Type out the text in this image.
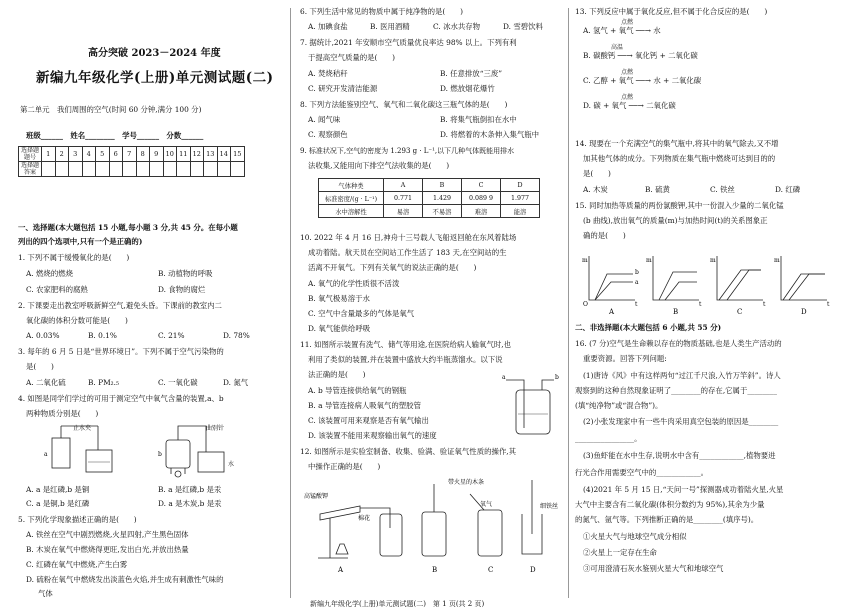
高分突破 2023－2024 年度
新编九年级化学(上册)单元测试题(二)
第二单元　我们周围的空气(时间 60 分钟,满分 100 分)
班级______　姓名________　学号______　分数______
选择题题号	1	2	3	4	5	6	7	8	9	10	11	12	13	14	15
选择题答案															
一、选择题(本大题包括 15 小题,每小题 3 分,共 45 分。在每小题
列出的四个选项中,只有一个是正确的)
1. 下列不属于缓慢氧化的是(　　)
A. 燃烧的燃烧	B. 动植物的呼吸
C. 农家肥料的腐熟	D. 食物的腐烂
2. 下课要走出教室呼吸新鲜空气,避免头昏。下课前的教室内二
氧化碳的体积分数可能是(　　)
A. 0.03%	B. 0.1%	C. 21%	D. 78%
3. 每年的 6 月 5 日是“世界环境日”。下列不属于空气污染物的
是(　　)
A. 二氧化硫	B. PM₂.₅	C. 一氧化碳	D. 氮气
4. 如图是同学们学过的可用于测定空气中氧气含量的装置,a、b
两种物质分别是(　　)
止水夹
a
曲别针
b
水
A. a 是红磷,b 是铜	B. a 是红磷,b 是汞
C. a 是铜,b 是红磷	D. a 是木炭,b 是汞
5. 下列化学现象描述正确的是(　　)
A. 铁丝在空气中剧烈燃烧,火星四射,产生黑色固体
B. 木炭在氧气中燃烧得更旺,发出白光,并放出热量
C. 红磷在氧气中燃烧,产生白雾
D. 硫粉在氧气中燃烧发出淡蓝色火焰,并生成有刺激性气味的
气体
6. 下列生活中常见的物质中属于纯净物的是(　　)
A. 加碘食盐	B. 医用酒精	C. 冰水共存物	D. 雪碧饮料
7. 据统计,2021 年安顺市空气质量优良率达 98% 以上。下列有利
于提高空气质量的是(　　)
A. 焚烧秸秆	B. 任意排放“三废”
C. 研究开发清洁能源	D. 燃放烟花爆竹
8. 下列方法能鉴别空气、氧气和二氧化碳这三瓶气体的是(　　)
A. 闻气味	B. 将集气瓶倒扣在水中
C. 观察颜色	D. 将燃着的木条伸入集气瓶中
9. 标准状况下,空气的密度为 1.293 g · L⁻¹,以下几种气体既能用排水
法收集,又能用向下排空气法收集的是(　　)
气体种类	A	B	C	D
标准密度/(g · L⁻¹)	0.771	1.429	0.089 9	1.977
水中溶解性	易溶	不易溶	难溶	能溶
10. 2022 年 4 月 16 日,神舟十三号载人飞船返回舱在东风着陆场
成功着陆。航天员在空间站工作生活了 183 天,在空间站的生
活离不开氧气。下列有关氧气的说法正确的是(　　)
A. 氧气的化学性质很不活泼
B. 氧气极易溶于水
C. 空气中含量最多的气体是氧气
D. 氧气能供给呼吸
11. 如图所示装置有洗气、储气等用途,在医院给病人输氧气时,也
利用了类似的装置,并在装置中盛放大约半瓶蒸馏水。以下说
法正确的是(　　)
A. b 导管连接供给氧气的钢瓶
B. a 导管连接病人吸氧气的塑胶管
C. 该装置可用来观察是否有氧气输出
D. 该装置不能用来观察输出氧气的速度
a	b
12. 如图所示是实验室制备、收集、验满、验证氧气性质的操作,其
中操作正确的是(　　)
高锰酸钾
棉花
带火星的木条
氧气	细铁丝
A	B	C	D
新编九年级化学(上册)单元测试题(二)　第 1 页(共 2 页)
13. 下列反应中属于氧化反应,但不属于化合反应的是(　　)
点燃
A. 氢气 + 氧气 ──→ 水
高温
B. 碳酸钙 ──→ 氧化钙 + 二氧化碳
点燃
C. 乙醇 + 氧气 ──→ 水 + 二氧化碳
点燃
D. 碳 + 氧气 ──→ 二氧化碳
14. 现要在一个充满空气的集气瓶中,将其中的氧气除去,又不增
加其他气体的成分。下列物质在集气瓶中燃烧可达到目的的
是(　　)
A. 木炭	B. 硫黄	C. 铁丝	D. 红磷
15. 同时加热等质量的两份氯酸钾,其中一份混入少量的二氧化锰
(b 曲线),放出氧气的质量(m)与加热时间(t)的关系图象正
确的是(　　)
m
t
O
b
a
m
t
m
t
m
t
A	B	C	D
二、非选择题(本大题包括 6 小题,共 55 分)
16. (7 分)空气是生命赖以存在的物质基础,也是人类生产活动的
重要资源。回答下列问题:
(1)唐诗《风》中有这样两句“过江千尺浪,入竹万竿斜”。诗人
观察到的这种自然现象证明了________的存在,它属于________
(填“纯净物”或“混合物”)。
(2)小张发现家中有一些牛肉采用真空包装的原因是________
________________。
(3)鱼虾能在水中生存,说明水中含有____________,植物要进
行光合作用需要空气中的____________。
(4)2021 年 5 月 15 日,“天问一号”探测器成功着陆火星,火星
大气中主要含有二氧化碳(体积分数约为 95%),其余为少量
的氮气、氩气等。下列推断正确的是________(填序号)。
①火星大气与地球空气成分相似
②火星上一定存在生命
③可用澄清石灰水鉴别火星大气和地球空气
